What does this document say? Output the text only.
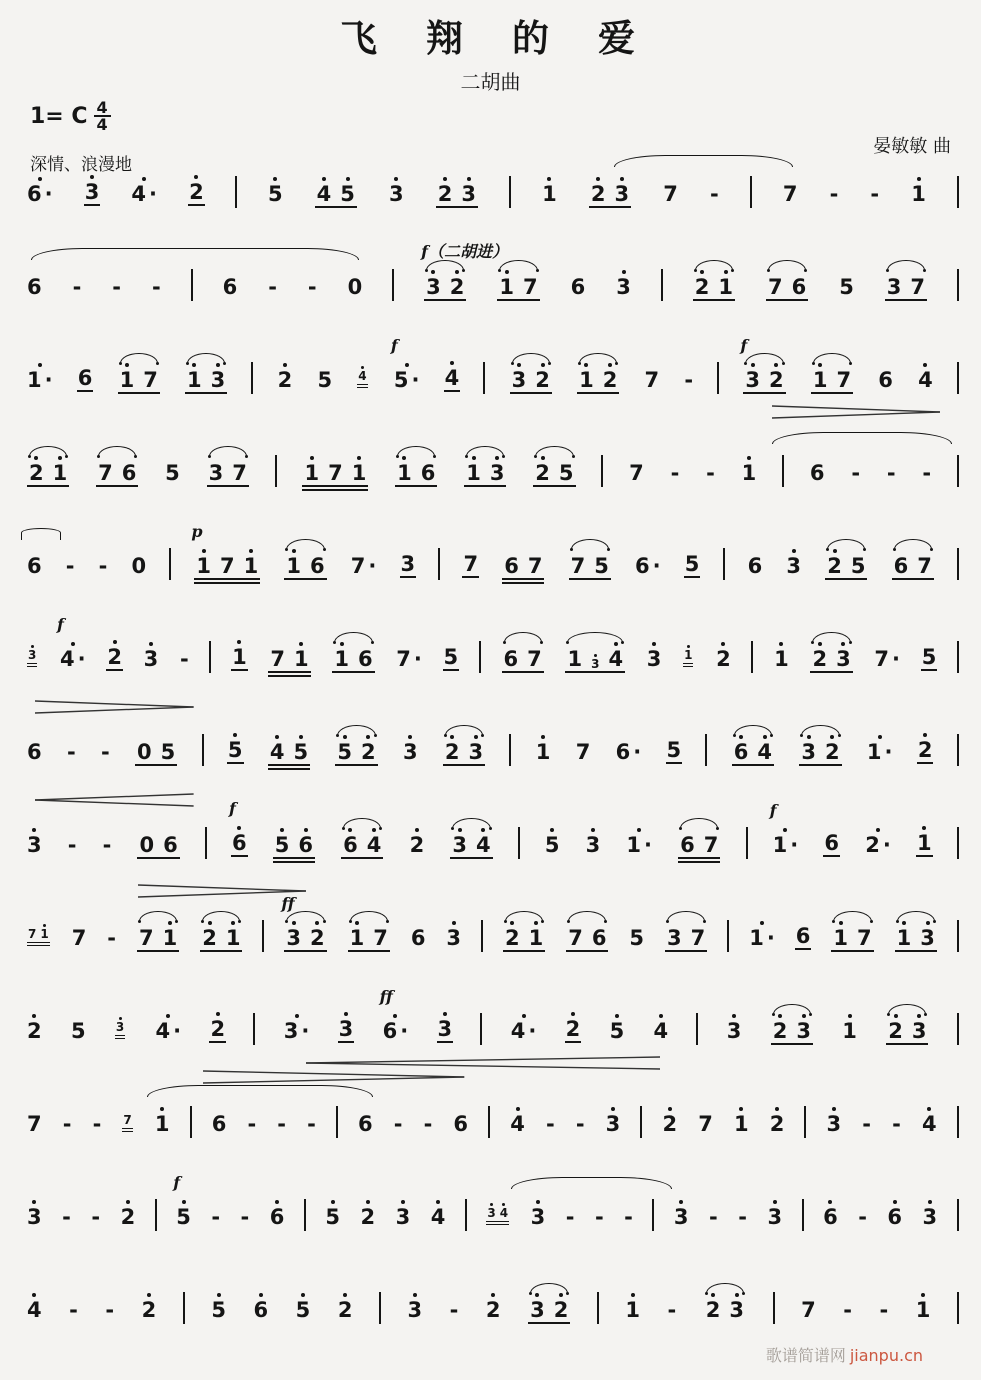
飞　翔　的　爱
二胡曲
1= C 4
4
深情、浪漫地
晏敏敏 曲
6 · 3 4 · 2	5 4 5 3 2 3	1 2 3 7 -	7 - - 1
6 - - -	6 - - 0
f（二胡进）
3 2 1 7 6 3	2 1 7 6 5 3 7
1 · 6 1 7 1 3 2 5 4
f
5 · 4 3 2 1 2 7 -
f
3 2 1 7 6 4
2 1 7 6 5 3 7	1 7 1 1 6 1 3 2 5	7 - - 1	6 - - -
6 - - 0
p
1 7 1 1 6 7 · 3 7 6 7 7 5 6 · 5 6 3 2 5 6 7
3
f
4 · 2 3 - 1 7 1 1 6 7 · 5 6 7 1 3 4 3 1 2 1 2 3 7 · 5
6 - - 0 5	5 4 5 5 2 3 2 3	1 7 6 · 5	6 4 3 2 1 · 2
3 - - 0 6
f
6 5 6 6 4 2 3 4	5 3 1 · 6 7
f
1 · 6 2 · 1
7 1 7 - 7 1 2 1
ff
3 2 1 7 6 3 2 1 7 6 5 3 7 1 · 6 1 7 1 3
2 5	3 4 · 2	3 · 3
ff
6 · 3	4 · 2 5 4	3 2 3 1 2 3
7 - - 7 1 6 - - - 6 - - 6 4 - - 3 2 7 1 2 3 - - 4
3 - - 2
f
5 - - 6 5 2 3 4	3 4 3 - - - 3 - - 3 6 - 6 3
4 - - 2	5 6 5 2	3 - 2 3 2	1 - 2 3	7 - - 1
歌谱简谱网 jianpu.cn
